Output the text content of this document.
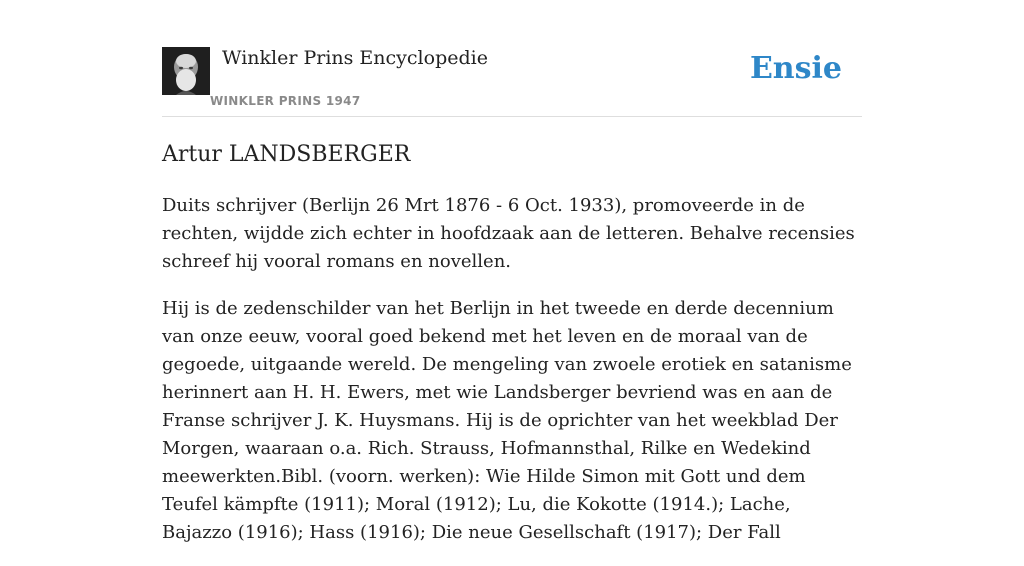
Winkler Prins Encyclopedie
WINKLER PRINS 1947
Ensie
Artur LANDSBERGER

Duits schrijver (Berlijn 26 Mrt 1876 - 6 Oct. 1933), promoveerde in de rechten, wijdde zich echter in hoofdzaak aan de letteren. Behalve recensies schreef hij vooral romans en novellen.

Hij is de zedenschilder van het Berlijn in het tweede en derde decennium van onze eeuw, vooral goed bekend met het leven en de moraal van de gegoede, uitgaande wereld. De mengeling van zwoele erotiek en satanisme herinnert aan H. H. Ewers, met wie Landsberger bevriend was en aan de Franse schrijver J. K. Huysmans. Hij is de oprichter van het weekblad Der Morgen, waaraan o.a. Rich. Strauss, Hofmannsthal, Rilke en Wedekind meewerkten.Bibl. (voorn. werken): Wie Hilde Simon mit Gott und dem Teufel kämpfte (1911); Moral (1912); Lu, die Kokotte (1914.); Lache, Bajazzo (1916); Hass (1916); Die neue Gesellschaft (1917); Der Fall
